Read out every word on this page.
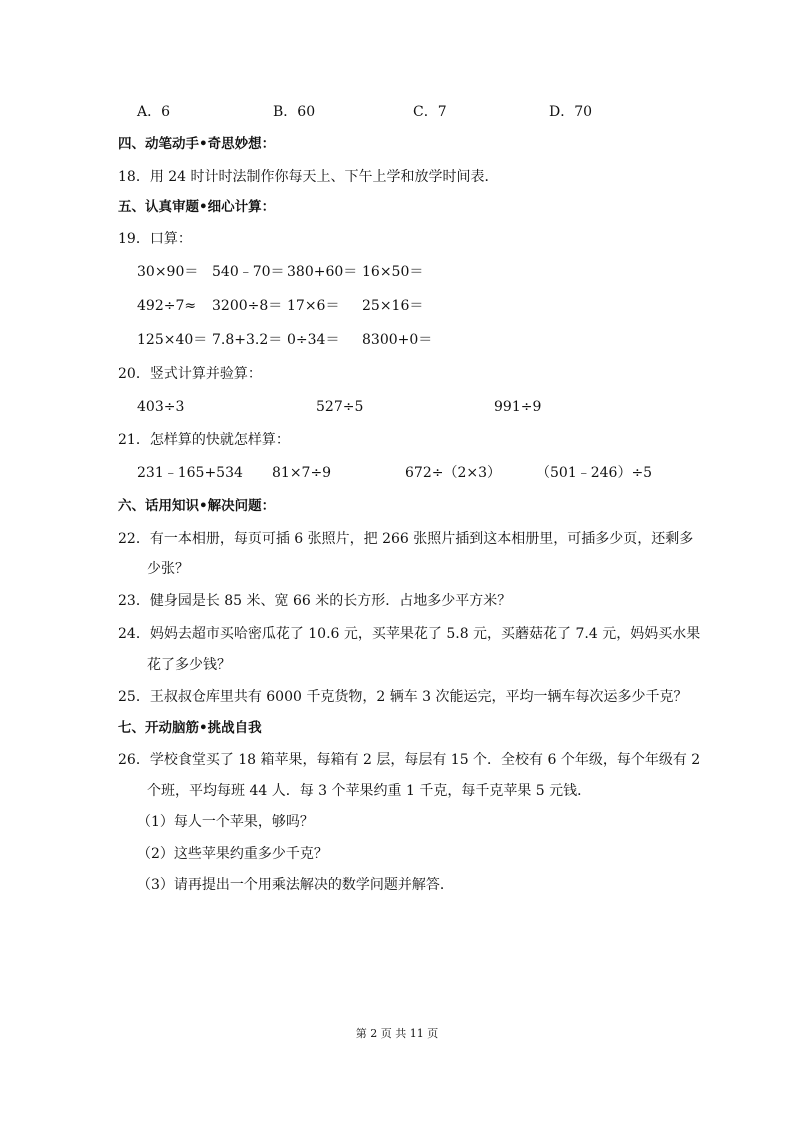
A．6	B．60	C．7	D．70
四、动笔动手•奇思妙想：
18．用 24 时计时法制作你每天上、下午上学和放学时间表．
五、认真审题•细心计算：
19．口算：
30×90＝ 540﹣70＝ 380+60＝ 16×50＝
492÷7≈ 3200÷8＝ 17×6＝ 25×16＝
125×40＝ 7.8+3.2＝ 0÷34＝ 8300+0＝
20．竖式计算并验算：
403÷3	527÷5	991÷9
21．怎样算的快就怎样算：
231﹣165+534 81×7÷9	672÷（2×3）	（501﹣246）÷5
六、话用知识•解决问题：
22．有一本相册，每页可插 6 张照片，把 266 张照片插到这本相册里，可插多少页，还剩多
少张？
23．健身园是长 85 米、宽 66 米的长方形．占地多少平方米？
24．妈妈去超市买哈密瓜花了 10.6 元，买苹果花了 5.8 元，买蘑菇花了 7.4 元，妈妈买水果
花了多少钱？
25．王叔叔仓库里共有 6000 千克货物，2 辆车 3 次能运完，平均一辆车每次运多少千克？
七、开动脑筋•挑战自我
26．学校食堂买了 18 箱苹果，每箱有 2 层，每层有 15 个．全校有 6 个年级，每个年级有 2
个班，平均每班 44 人．每 3 个苹果约重 1 千克，每千克苹果 5 元钱．
（1）每人一个苹果，够吗？
（2）这些苹果约重多少千克？
（3）请再提出一个用乘法解决的数学问题并解答．
第 2 页 共 11 页
